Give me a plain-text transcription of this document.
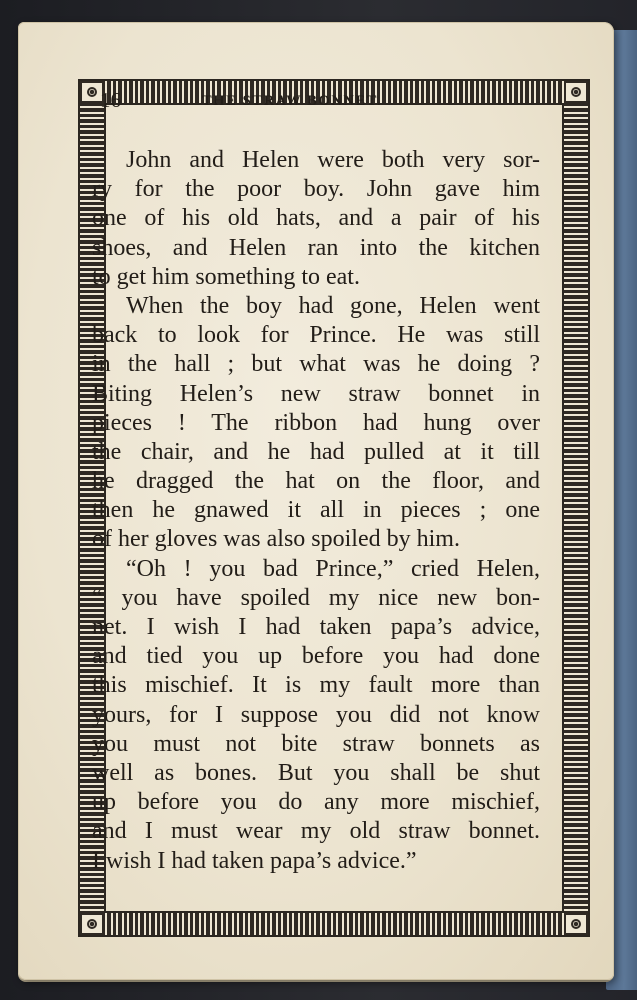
16	THE STRAW BONNET.
John and Helen were both very sor-
ry for the poor boy. John gave him
one of his old hats, and a pair of his
shoes, and Helen ran into the kitchen
to get him something to eat.
When the boy had gone, Helen went
back to look for Prince. He was still
in the hall ; but what was he doing ?
Biting Helen’s new straw bonnet in
pieces ! The ribbon had hung over
the chair, and he had pulled at it till
he dragged the hat on the floor, and
then he gnawed it all in pieces ; one
of her gloves was also spoiled by him.
“Oh ! you bad Prince,” cried Helen,
“ you have spoiled my nice new bon-
net. I wish I had taken papa’s advice,
and tied you up before you had done
this mischief. It is my fault more than
yours, for I suppose you did not know
you must not bite straw bonnets as
well as bones. But you shall be shut
up before you do any more mischief,
and I must wear my old straw bonnet.
I wish I had taken papa’s advice.”
